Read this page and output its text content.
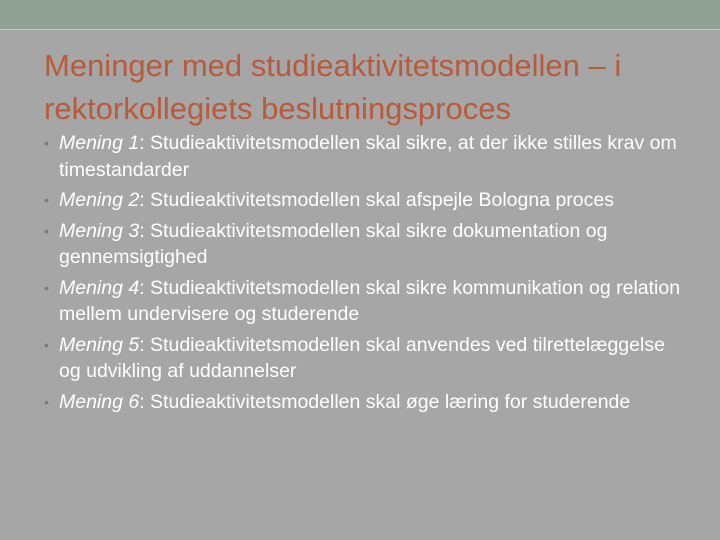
Meninger med studieaktivitetsmodellen – i rektorkollegiets beslutningsproces
• Mening 1: Studieaktivitetsmodellen skal sikre, at der ikke stilles krav om timestandarder
• Mening 2: Studieaktivitetsmodellen skal afspejle Bologna proces
• Mening 3: Studieaktivitetsmodellen skal sikre dokumentation og gennemsigtighed
• Mening 4: Studieaktivitetsmodellen skal sikre kommunikation og relation mellem undervisere og studerende
• Mening 5: Studieaktivitetsmodellen skal anvendes ved tilrettelæggelse og udvikling af uddannelser
• Mening 6: Studieaktivitetsmodellen skal øge læring for studerende
